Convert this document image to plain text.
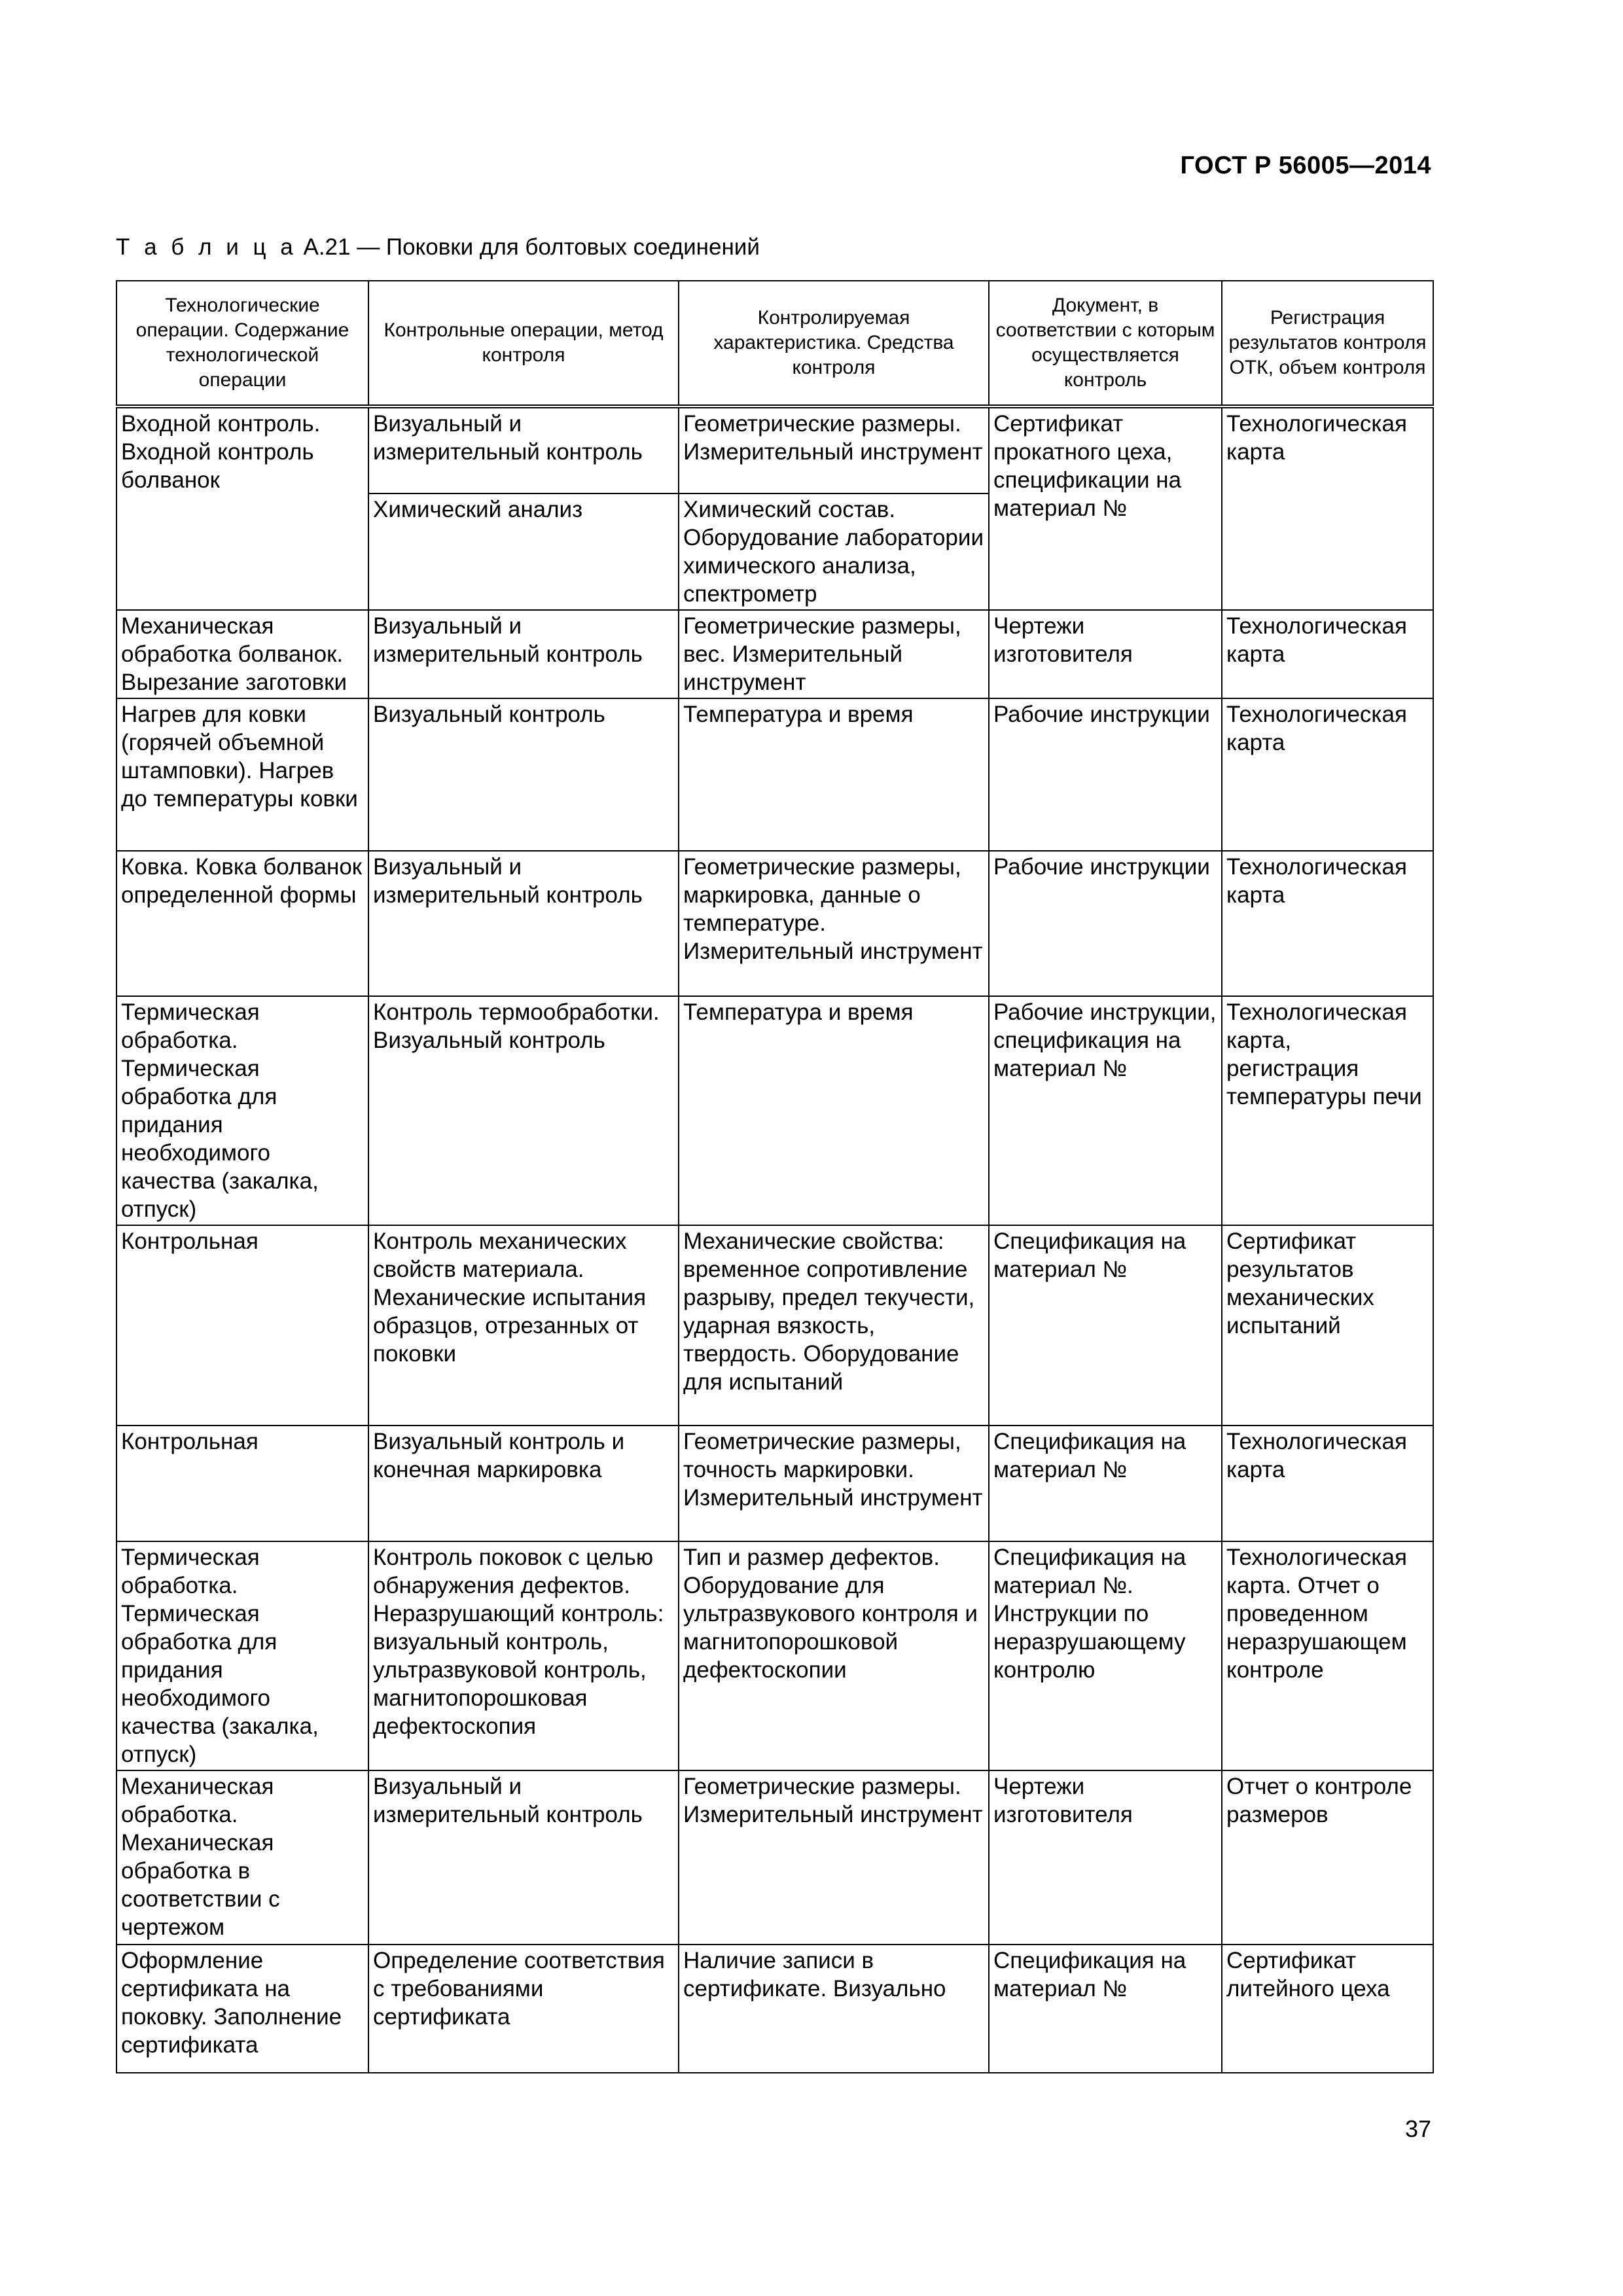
ГОСТ Р 56005—2014
Т а б л и ц а А.21 — Поковки для болтовых соединений
Технологические операции. Содержание технологической операции	Контрольные операции, метод контроля	Контролируемая характеристика. Средства контроля	Документ, в соответствии с которым осуществляется контроль	Регистрация результатов контроля ОТК, объем контроля
Входной контроль. Входной контроль болванок	Визуальный и измерительный контроль	Геометрические размеры. Измерительный инструмент	Сертификат прокатного цеха, спецификации на материал №	Технологическая карта
	Химический анализ	Химический состав. Оборудование лаборатории химического анализа, спектрометр		
Механическая обработка болванок. Вырезание заготовки	Визуальный и измерительный контроль	Геометрические размеры, вес. Измерительный инструмент	Чертежи изготовителя	Технологическая карта
Нагрев для ковки (горячей объемной штамповки). Нагрев до температуры ковки	Визуальный контроль	Температура и время	Рабочие инструкции	Технологическая карта
Ковка. Ковка болванок определенной формы	Визуальный и измерительный контроль	Геометрические размеры, маркировка, данные о температуре. Измерительный инструмент	Рабочие инструкции	Технологическая карта
Термическая обработка. Термическая обработка для придания необходимого качества (закалка, отпуск)	Контроль термообработки. Визуальный контроль	Температура и время	Рабочие инструкции, спецификация на материал №	Технологическая карта, регистрация температуры печи
Контрольная	Контроль механических свойств материала. Механические испытания образцов, отрезанных от поковки	Механические свойства: временное сопротивление разрыву, предел текучести, ударная вязкость, твердость. Оборудование для испытаний	Спецификация на материал №	Сертификат результатов механических испытаний
Контрольная	Визуальный контроль и конечная маркировка	Геометрические размеры, точность маркировки. Измерительный инструмент	Спецификация на материал №	Технологическая карта
Термическая обработка. Термическая обработка для придания необходимого качества (закалка, отпуск)	Контроль поковок с целью обнаружения дефектов. Неразрушающий контроль: визуальный контроль, ультразвуковой контроль, магнитопорошковая дефектоскопия	Тип и размер дефектов. Оборудование для ультразвукового контроля и магнитопорошковой дефектоскопии	Спецификация на материал №. Инструкции по неразрушающему контролю	Технологическая карта. Отчет о проведенном неразрушающем контроле
Механическая обработка. Механическая обработка в соответствии с чертежом	Визуальный и измерительный контроль	Геометрические размеры. Измерительный инструмент	Чертежи изготовителя	Отчет о контроле размеров
Оформление сертификата на поковку. Заполнение сертификата	Определение соответствия с требованиями сертификата	Наличие записи в сертификате. Визуально	Спецификация на материал №	Сертификат литейного цеха
37
